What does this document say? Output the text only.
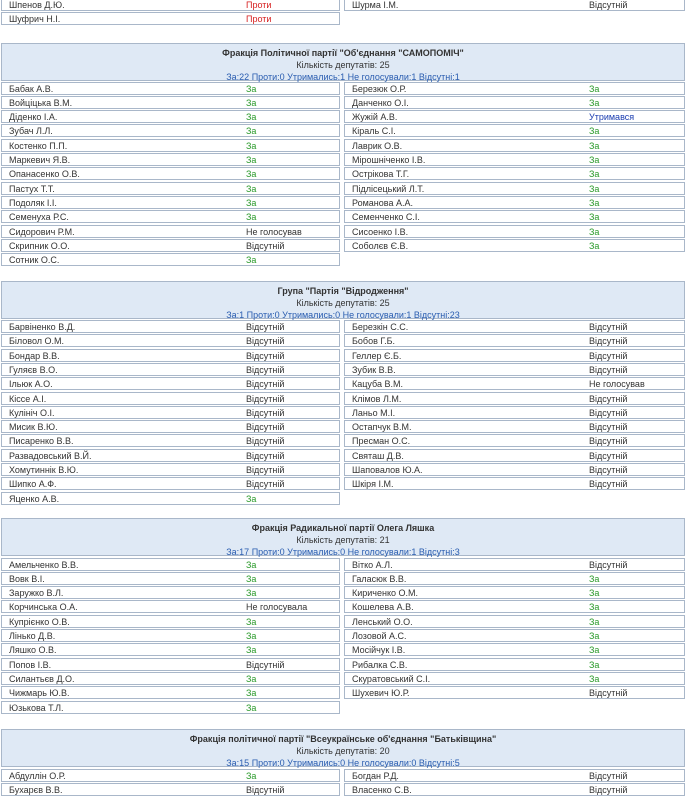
Шпенов Д.Ю.	Проти	Шурма І.М.	Відсутній
Шуфрич Н.І.	Проти
Фракція Політичної партії "Об'єднання "САМОПОМІЧ"
Кількість депутатів: 25
За:22 Проти:0 Утримались:1 Не голосували:1 Відсутні:1
Бабак А.В.	За	Березюк О.Р.	За
Войціцька В.М.	За	Данченко О.І.	За
Діденко І.А.	За	Жужій А.В.	Утримався
Зубач Л.Л.	За	Кіраль С.І.	За
Костенко П.П.	За	Лаврик О.В.	За
Маркевич Я.В.	За	Мірошніченко І.В.	За
Опанасенко О.В.	За	Острікова Т.Г.	За
Пастух Т.Т.	За	Підлісецький Л.Т.	За
Подоляк І.І.	За	Романова А.А.	За
Семенуха Р.С.	За	Семенченко С.І.	За
Сидорович Р.М.	Не голосував	Сисоенко І.В.	За
Скрипник О.О.	Відсутній	Соболєв Є.В.	За
Сотник О.С.	За
Група "Партія "Відродження"
Кількість депутатів: 25
За:1 Проти:0 Утримались:0 Не голосували:1 Відсутні:23
Барвіненко В.Д.	Відсутній	Березкін С.С.	Відсутній
Біловол О.М.	Відсутній	Бобов Г.Б.	Відсутній
Бондар В.В.	Відсутній	Геллер Є.Б.	Відсутній
Гуляєв В.О.	Відсутній	Зубик В.В.	Відсутній
Ільюк А.О.	Відсутній	Кацуба В.М.	Не голосував
Кіссе А.І.	Відсутній	Клімов Л.М.	Відсутній
Кулініч О.І.	Відсутній	Ланьо М.І.	Відсутній
Мисик В.Ю.	Відсутній	Остапчук В.М.	Відсутній
Писаренко В.В.	Відсутній	Пресман О.С.	Відсутній
Развадовський В.Й.	Відсутній	Святаш Д.В.	Відсутній
Хомутиннік В.Ю.	Відсутній	Шаповалов Ю.А.	Відсутній
Шипко А.Ф.	Відсутній	Шкіря І.М.	Відсутній
Яценко А.В.	За
Фракція Радикальної партії Олега Ляшка
Кількість депутатів: 21
За:17 Проти:0 Утримались:0 Не голосували:1 Відсутні:3
Амельченко В.В.	За	Вітко А.Л.	Відсутній
Вовк В.І.	За	Галасюк В.В.	За
Заружко В.Л.	За	Кириченко О.М.	За
Корчинська О.А.	Не голосувала	Кошелева А.В.	За
Купрієнко О.В.	За	Ленський О.О.	За
Лінько Д.В.	За	Лозовой А.С.	За
Ляшко О.В.	За	Мосійчук І.В.	За
Попов І.В.	Відсутній	Рибалка С.В.	За
Силантьєв Д.О.	За	Скуратовський С.І.	За
Чижмарь Ю.В.	За	Шухевич Ю.Р.	Відсутній
Юзькова Т.Л.	За
Фракція політичної партії "Всеукраїнське об'єднання "Батьківщина"
Кількість депутатів: 20
За:15 Проти:0 Утримались:0 Не голосували:0 Відсутні:5
Абдуллін О.Р.	За	Богдан Р.Д.	Відсутній
Бухарєв В.В.	Відсутній	Власенко С.В.	Відсутній
